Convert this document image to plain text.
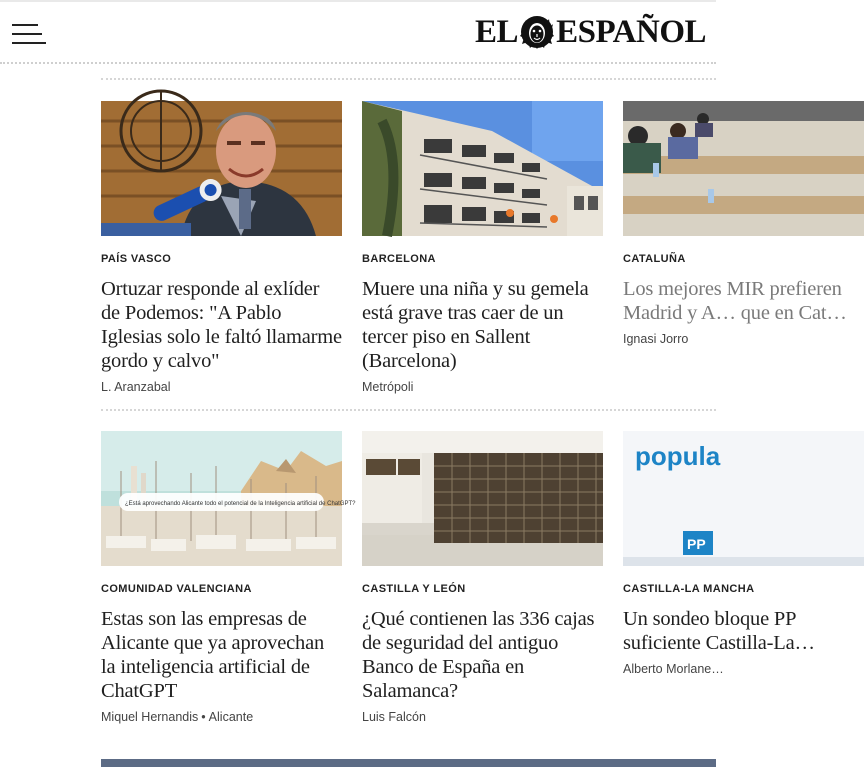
EL ESPAÑOL
PAÍS VASCO
Ortuzar responde al exlíder de Podemos: "A Pablo Iglesias solo le faltó llamarme gordo y calvo"
L. Aranzabal
BARCELONA
Muere una niña y su gemela está grave tras caer de un tercer piso en Sallent (Barcelona)
Metrópoli
CATALUÑA
Los mejores MIR prefieren Madrid y A… que en Cat…
Ignasi Jorro
¿Está aprovechando Alicante todo el potencial de la Inteligencia artificial de ChatGPT?
COMUNIDAD VALENCIANA
Estas son las empresas de Alicante que ya aprovechan la inteligencia artificial de ChatGPT
Miquel Hernandis • Alicante
CASTILLA Y LEÓN
¿Qué contienen las 336 cajas de seguridad del antiguo Banco de España en Salamanca?
Luis Falcón
popula
PP
CASTILLA-LA MANCHA
Un sondeo bloque PP suficiente Castilla-La…
Alberto Morlane…
